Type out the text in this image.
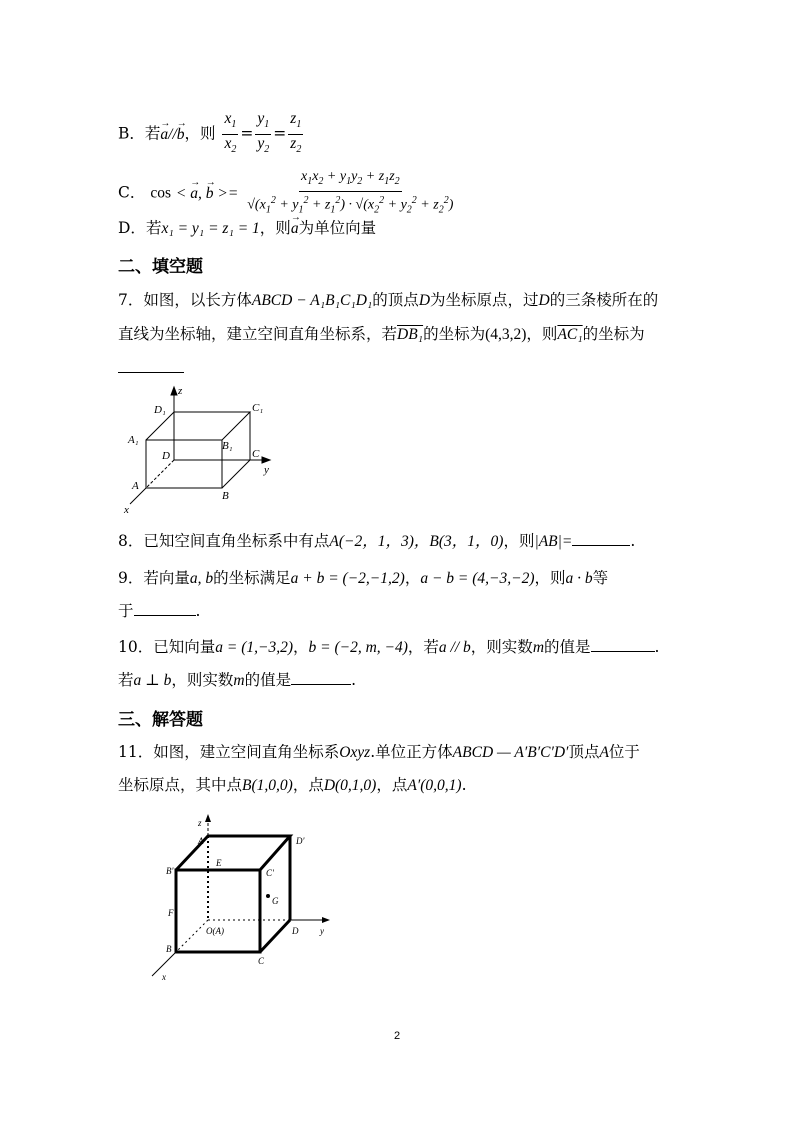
B．若→ a//→ b，则 $\frac{x_1}{x_2} = \frac{y_1}{y_2} = \frac{z_1}{z_2}$
C． cos < → a, → $b >= \frac{x_1x_2 + y_1y_2 + z_1z_2}{√(x_1^2 + y_1^2 + z_1^2) \cdot √(x_2^2 + y_2^2 + z_2^2)}$
D．若x₁ = y₁ = z₁ = 1，则→ a为单位向量
二、填空题
7．如图，以长方体ABCD − A₁B₁C₁D₁的顶点D为坐标原点，过D的三条棱所在的
直线为坐标轴，建立空间直角坐标系，若DB₁的坐标为(4,3,2)，则AC₁的坐标为
z
y
x
D₁	C₁
A₁	B₁
D	C
A
B
8．已知空间直角坐标系中有点A(−2，1，3)，B(3，1，0)，则|AB|=	.
9．若向量a, b的坐标满足a + b = (−2,−1,2)，a − b = (4,−3,−2)，则a · b等
于	.
10．已知向量a = (1,−3,2)，b = (−2, m, −4)，若a // b，则实数m的值是	.
若a ⊥ b，则实数m的值是	.
三、解答题
11．如图，建立空间直角坐标系Oxyz.单位正方体ABCD — A′B′C′D′顶点A位于
坐标原点，其中点B(1,0,0)，点D(0,1,0)，点A′(0,0,1).
z
A'	D'
B'
E
C'
G
F
O(A)	D y
B
C
x
2
